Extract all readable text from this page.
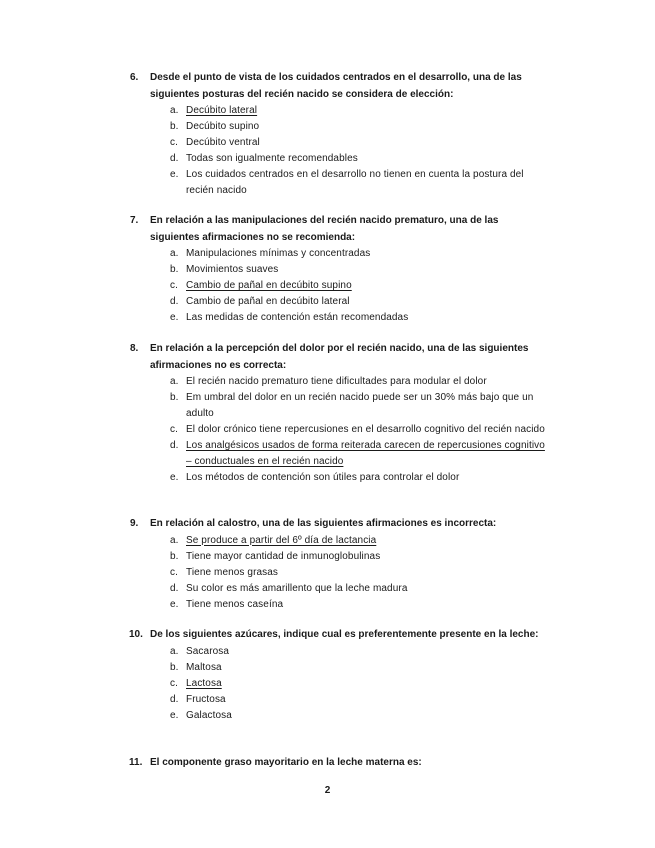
6. Desde el punto de vista de los cuidados centrados en el desarrollo, una de las siguientes posturas del recién nacido se considera de elección:
a. Decúbito lateral
b. Decúbito supino
c. Decúbito ventral
d. Todas son igualmente recomendables
e. Los cuidados centrados en el desarrollo no tienen en cuenta la postura del recién nacido
7. En relación a las manipulaciones del recién nacido prematuro, una de las siguientes afirmaciones no se recomienda:
a. Manipulaciones mínimas y concentradas
b. Movimientos suaves
c. Cambio de pañal en decúbito supino
d. Cambio de pañal en decúbito lateral
e. Las medidas de contención están recomendadas
8. En relación a la percepción del dolor por el recién nacido, una de las siguientes afirmaciones no es correcta:
a. El recién nacido prematuro tiene dificultades para modular el dolor
b. Em umbral del dolor en un recién nacido puede ser un 30% más bajo que un adulto
c. El dolor crónico tiene repercusiones en el desarrollo cognitivo del recién nacido
d. Los analgésicos usados de forma reiterada carecen de repercusiones cognitivo – conductuales en el recién nacido
e. Los métodos de contención son útiles para controlar el dolor
9. En relación al calostro, una de las siguientes afirmaciones es incorrecta:
a. Se produce a partir del 6º día de lactancia
b. Tiene mayor cantidad de inmunoglobulinas
c. Tiene menos grasas
d. Su color es más amarillento que la leche madura
e. Tiene menos caseína
10. De los siguientes azúcares, indique cual es preferentemente presente en la leche:
a. Sacarosa
b. Maltosa
c. Lactosa
d. Fructosa
e. Galactosa
11. El componente graso mayoritario en la leche materna es:
2
